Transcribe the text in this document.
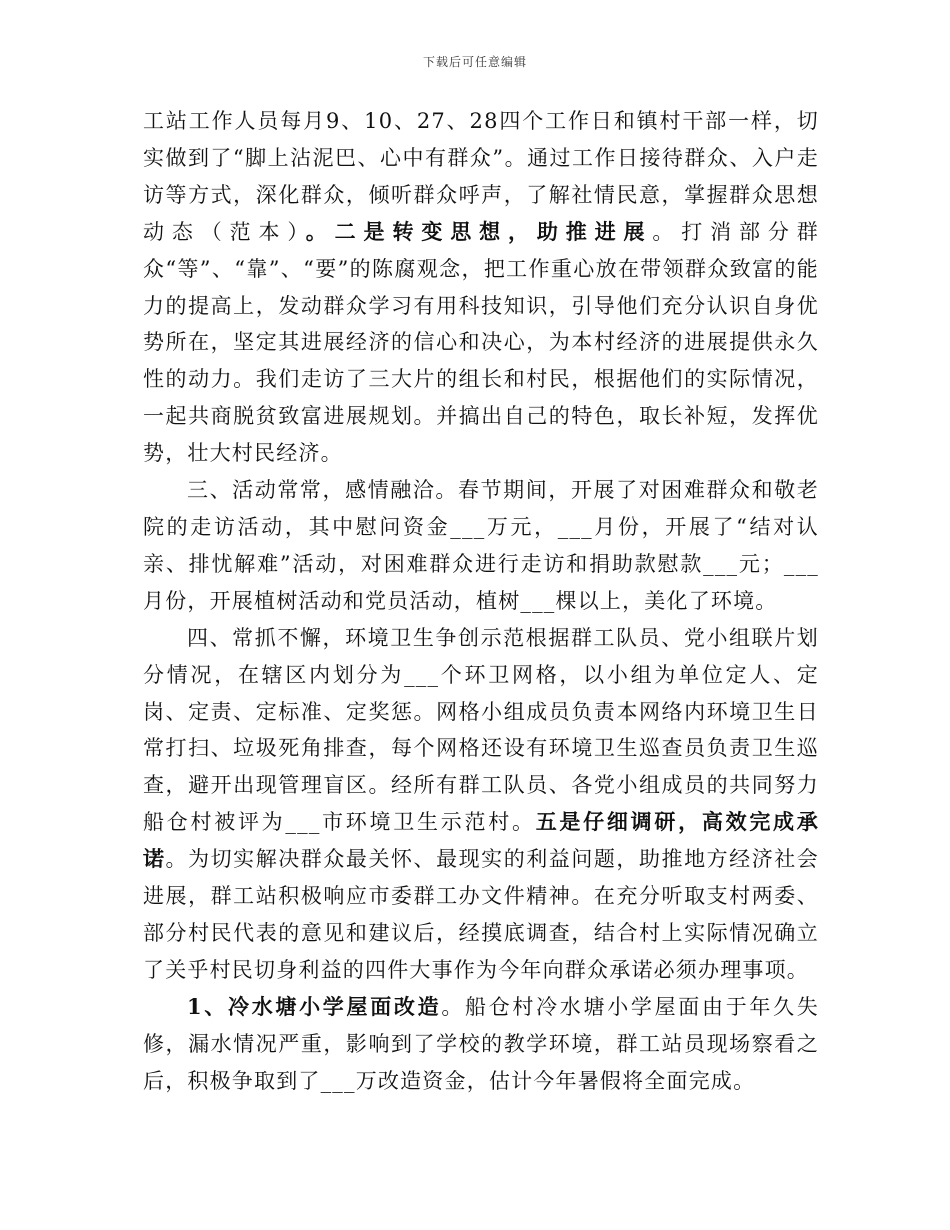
下载后可任意编辑

工站工作人员每月9、10、27、28四个工作日和镇村干部一样，切实做到了“脚上沾泥巴、心中有群众”。通过工作日接待群众、入户走访等方式，深化群众，倾听群众呼声，了解社情民意，掌握群众思想动态（范本）。二是转变思想，助推进展。打消部分群众“等”、“靠”、“要”的陈腐观念，把工作重心放在带领群众致富的能力的提高上，发动群众学习有用科技知识，引导他们充分认识自身优势所在，坚定其进展经济的信心和决心，为本村经济的进展提供永久性的动力。我们走访了三大片的组长和村民，根据他们的实际情况，一起共商脱贫致富进展规划。并搞出自己的特色，取长补短，发挥优势，壮大村民经济。

三、活动常常，感情融洽。春节期间，开展了对困难群众和敬老院的走访活动，其中慰问资金___万元，___月份，开展了“结对认亲、排忧解难”活动，对困难群众进行走访和捐助款慰款___元；___月份，开展植树活动和党员活动，植树___棵以上，美化了环境。

四、常抓不懈，环境卫生争创示范根据群工队员、党小组联片划分情况，在辖区内划分为___个环卫网格，以小组为单位定人、定岗、定责、定标准、定奖惩。网格小组成员负责本网络内环境卫生日常打扫、垃圾死角排查，每个网格还设有环境卫生巡查员负责卫生巡查，避开出现管理盲区。经所有群工队员、各党小组成员的共同努力船仓村被评为___市环境卫生示范村。五是仔细调研，高效完成承诺。为切实解决群众最关怀、最现实的利益问题，助推地方经济社会进展，群工站积极响应市委群工办文件精神。在充分听取支村两委、部分村民代表的意见和建议后，经摸底调查，结合村上实际情况确立了关乎村民切身利益的四件大事作为今年向群众承诺必须办理事项。

1、冷水塘小学屋面改造。船仓村冷水塘小学屋面由于年久失修，漏水情况严重，影响到了学校的教学环境，群工站员现场察看之后，积极争取到了___万改造资金，估计今年暑假将全面完成。
